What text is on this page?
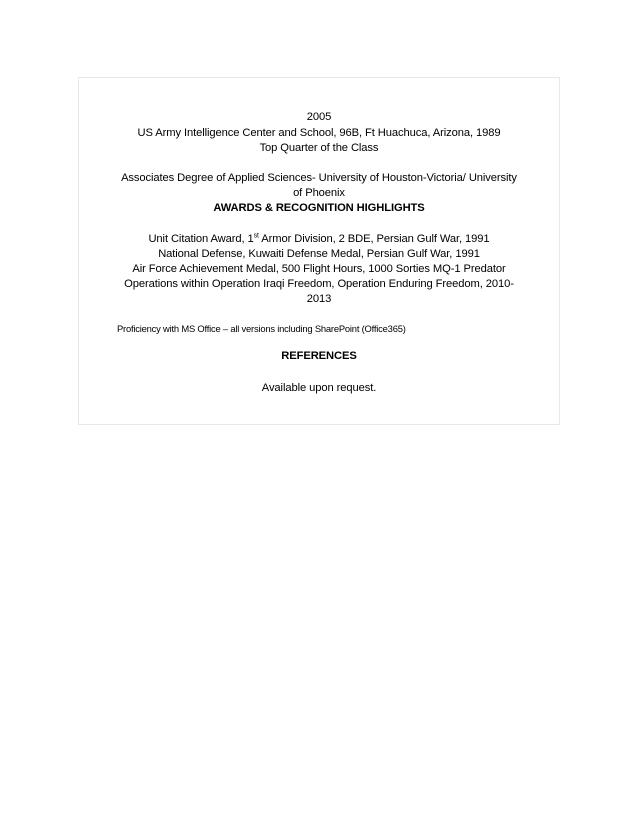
2005
US Army Intelligence Center and School, 96B, Ft Huachuca, Arizona, 1989
Top Quarter of the Class
Associates Degree of Applied Sciences- University of Houston-Victoria/ University
of Phoenix
AWARDS & RECOGNITION HIGHLIGHTS
Unit Citation Award, 1st Armor Division, 2 BDE, Persian Gulf War, 1991
National Defense, Kuwaiti Defense Medal, Persian Gulf War, 1991
Air Force Achievement Medal, 500 Flight Hours, 1000 Sorties MQ-1 Predator
Operations within Operation Iraqi Freedom, Operation Enduring Freedom, 2010-
2013
Proficiency with MS Office – all versions including SharePoint (Office365)
REFERENCES
Available upon request.
